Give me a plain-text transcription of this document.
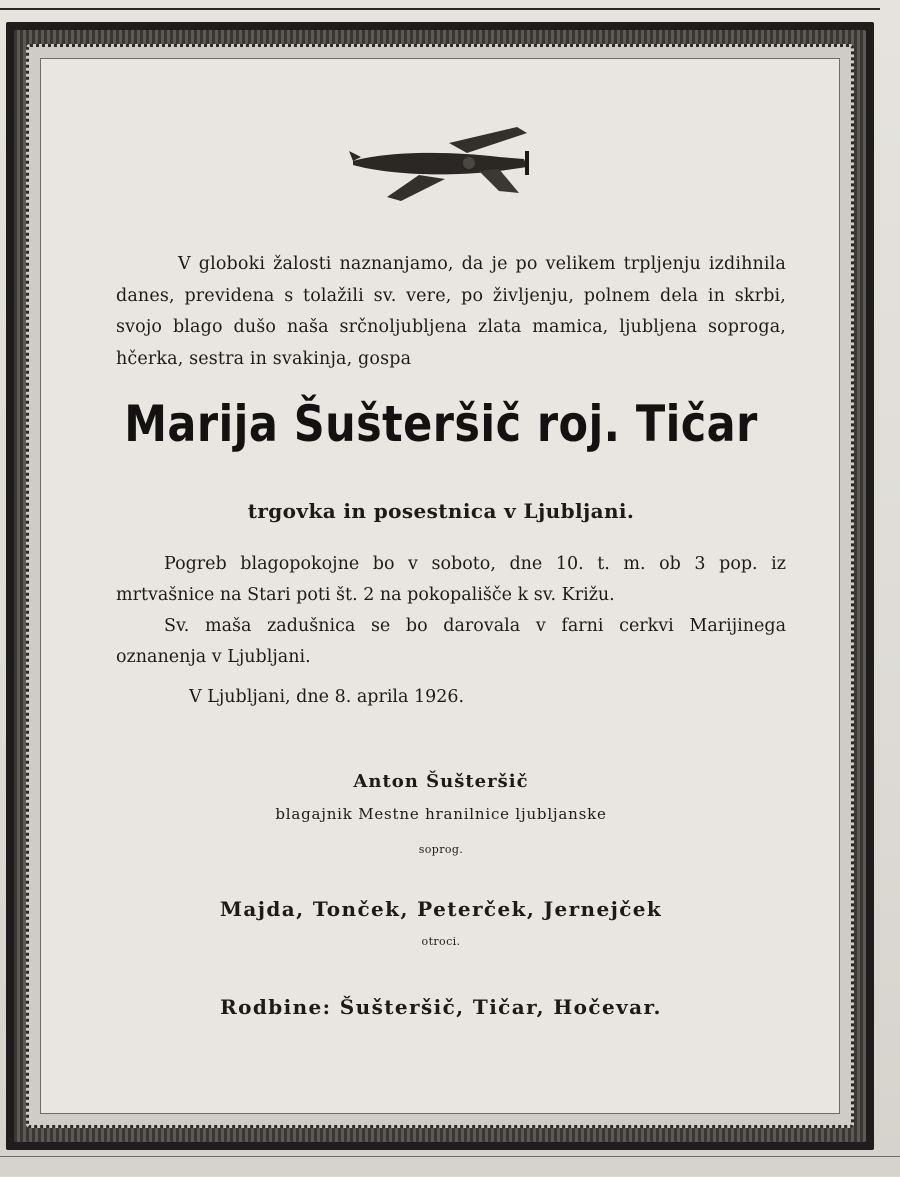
V globoki žalosti naznanjamo, da je po velikem trpljenju izdihnila danes, previdena s tolažili sv. vere, po življenju, polnem dela in skrbi, svojo blago dušo naša srčnoljubljena zlata mamica, ljubljena soproga, hčerka, sestra in svakinja, gospa
Marija Šušteršič roj. Tičar
trgovka in posestnica v Ljubljani.

Pogreb blagopokojne bo v soboto, dne 10. t. m. ob 3 pop. iz mrtvašnice na Stari poti št. 2 na pokopališče k sv. Križu.

Sv. maša zadušnica se bo darovala v farni cerkvi Marijinega oznanenja v Ljubljani.

V Ljubljani, dne 8. aprila 1926.
Anton Šušteršič
blagajnik Mestne hranilnice ljubljanske
soprog.
Majda, Tonček, Peterček, Jernejček
otroci.
Rodbine: Šušteršič, Tičar, Hočevar.
